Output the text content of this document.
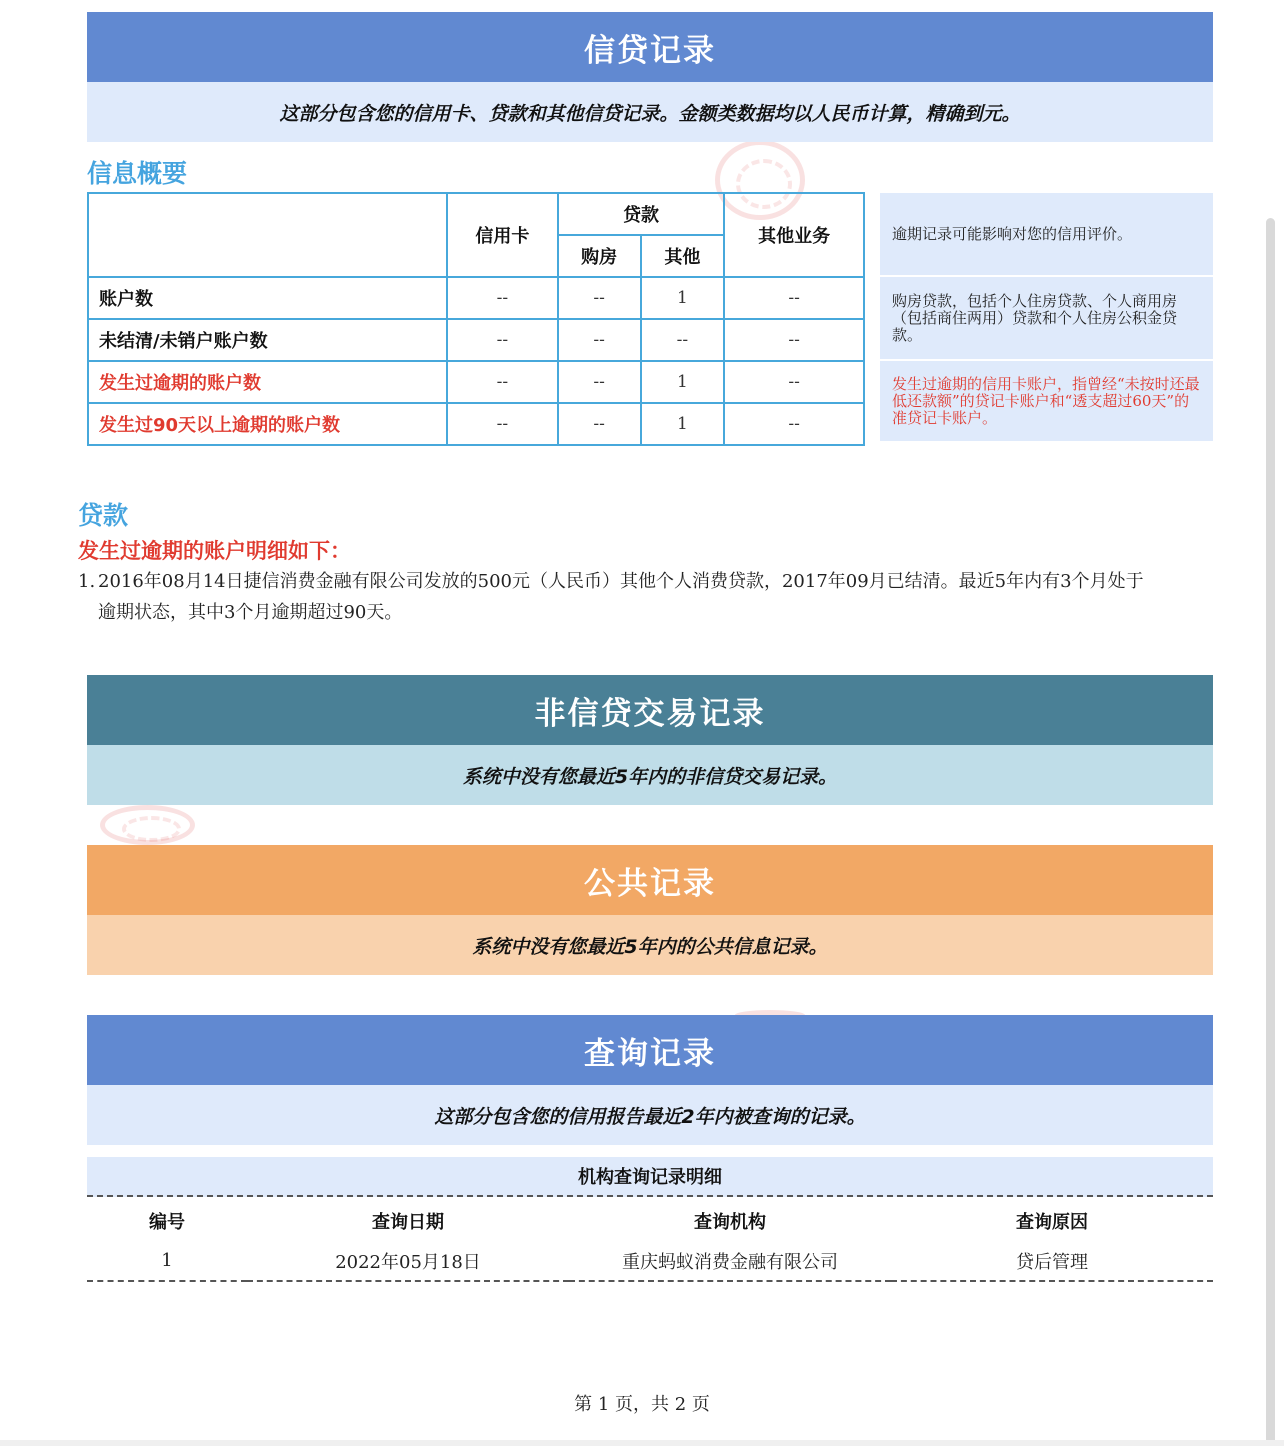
信贷记录
这部分包含您的信用卡、贷款和其他信贷记录。金额类数据均以人民币计算，精确到元。
信息概要
	信用卡	贷款		其他业务
		购房	其他	
账户数	--	--	1	--
未结清/未销户账户数	--	--	--	--
发生过逾期的账户数	--	--	1	--
发生过90天以上逾期的账户数	--	--	1	--
逾期记录可能影响对您的信用评价。
购房贷款，包括个人住房贷款、个人商用房（包括商住两用）贷款和个人住房公积金贷款。
发生过逾期的信用卡账户，指曾经“未按时还最低还款额”的贷记卡账户和“透支超过60天”的准贷记卡账户。
贷款
发生过逾期的账户明细如下：
1. 2016年08月14日捷信消费金融有限公司发放的500元（人民币）其他个人消费贷款，2017年09月已结清。最近5年内有3个月处于
逾期状态，其中3个月逾期超过90天。
非信贷交易记录
系统中没有您最近5年内的非信贷交易记录。
公共记录
系统中没有您最近5年内的公共信息记录。
查询记录
这部分包含您的信用报告最近2年内被查询的记录。
机构查询记录明细
编号	查询日期	查询机构	查询原因
1	2022年05月18日	重庆蚂蚁消费金融有限公司	贷后管理
第 1 页，共 2 页
